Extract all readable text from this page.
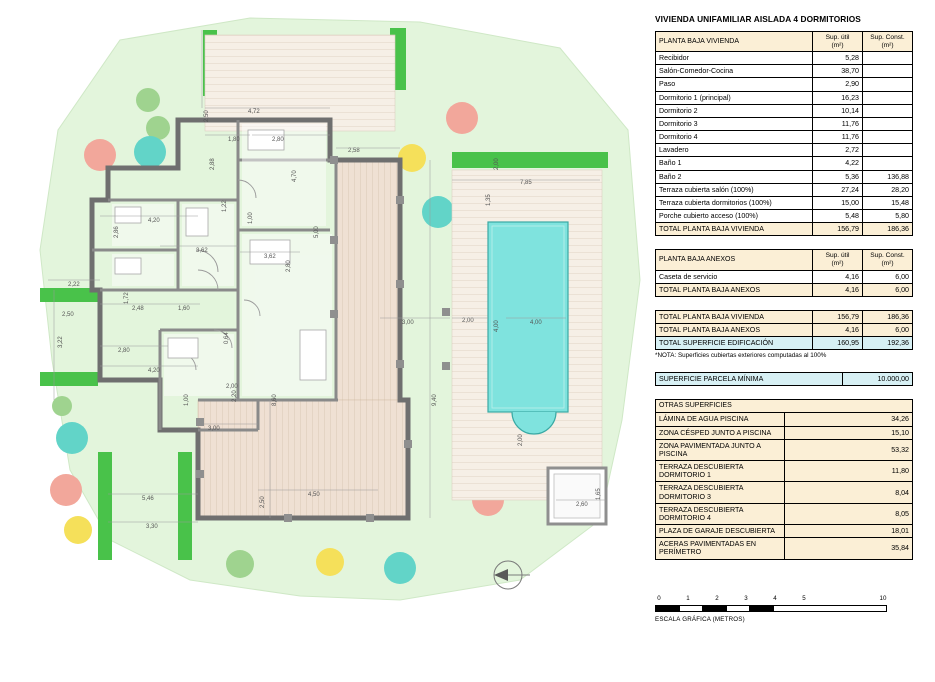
4,72
2,50
1,80	2,80
2,58
2,00
7,85
2,88
4,70
1,35
4,20
1,22
1,00
5,00
3,62
2,86
3,62
2,80
2,22
1,72
2,48	1,60
2,50
3,00	2,00	4,00	4,00
3,22
2,80
0,64
4,20
2,00
2,20
1,00	8,60	9,40
2,00
3,00
5,46
4,50
3,30
2,50	2,60
1,65
VIVIENDA UNIFAMILIAR AISLADA 4 DORMITORIOS
PLANTA BAJA VIVIENDA	Sup. útil
(m²)	Sup. Const.
(m²)
Recibidor	5,28	
Salón-Comedor-Cocina	38,70	
Paso	2,90	
Dormitorio 1 (principal)	16,23	
Dormitorio 2	10,14	
Dormitorio 3	11,76	
Dormitorio 4	11,76	
Lavadero	2,72	
Baño 1	4,22	
Baño 2	5,36	136,88
Terraza cubierta salón (100%)	27,24	28,20
Terraza cubierta dormitorios (100%)	15,00	15,48
Porche cubierto acceso (100%)	5,48	5,80
TOTAL PLANTA BAJA VIVIENDA	156,79	186,36
PLANTA BAJA ANEXOS	Sup. útil
(m²)	Sup. Const.
(m²)
Caseta de servicio	4,16	6,00
TOTAL PLANTA BAJA ANEXOS	4,16	6,00
TOTAL PLANTA BAJA VIVIENDA	156,79	186,36
TOTAL PLANTA BAJA ANEXOS	4,16	6,00
TOTAL SUPERFICIE EDIFICACIÓN	160,95	192,36
*NOTA: Superficies cubiertas exteriores computadas al 100%
SUPERFICIE PARCELA MÍNIMA	10.000,00
OTRAS SUPERFICIES	
LÁMINA DE AGUA PISCINA	34,26
ZONA CÉSPED JUNTO A PISCINA	15,10
ZONA PAVIMENTADA JUNTO A PISCINA	53,32
TERRAZA DESCUBIERTA DORMITORIO 1	11,80
TERRAZA DESCUBIERTA DORMITORIO 3	8,04
TERRAZA DESCUBIERTA DORMITORIO 4	8,05
PLAZA DE GARAJE DESCUBIERTA	18,01
ACERAS PAVIMENTADAS EN PERÍMETRO	35,84
0	1	2	3	4	5	10
ESCALA GRÁFICA (METROS)
